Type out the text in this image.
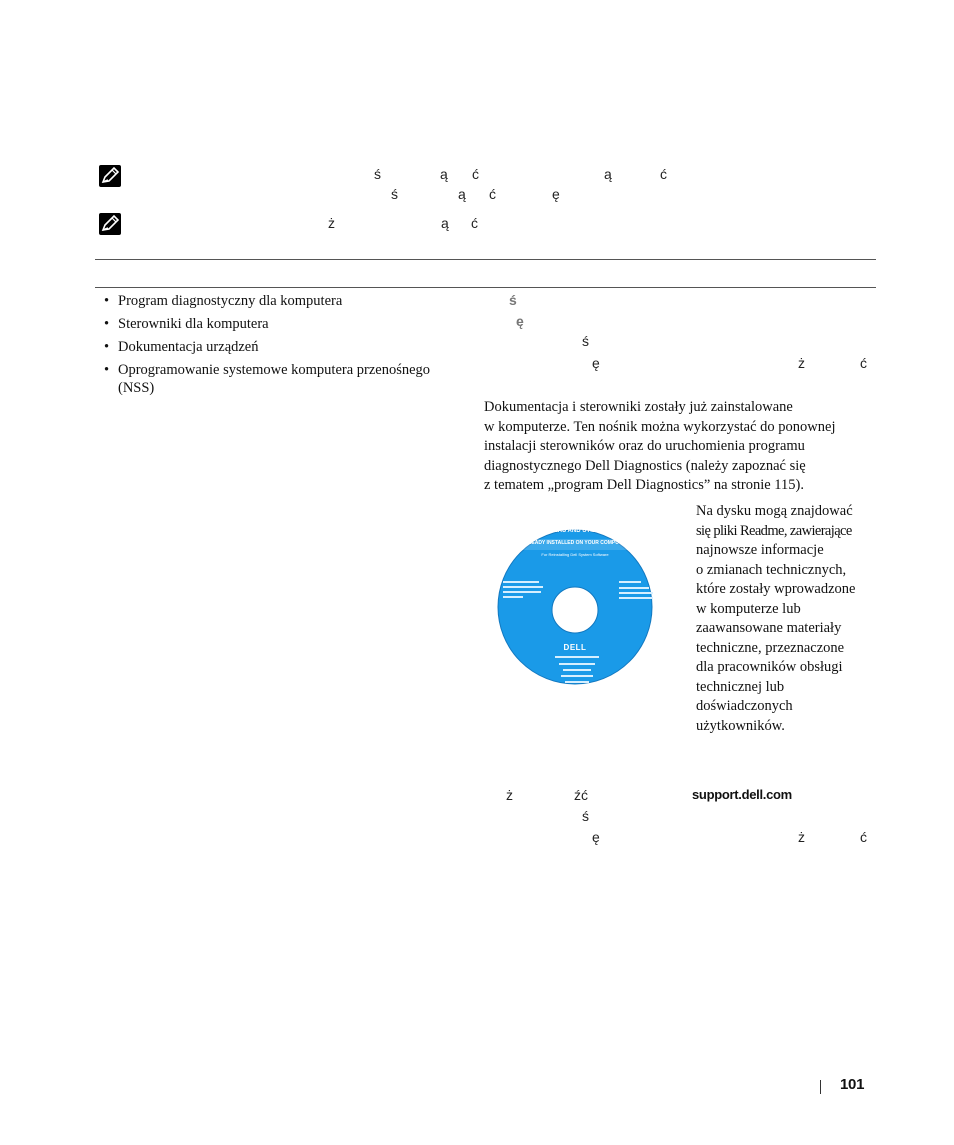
ś	ą ć	ą	ć
ś	ą ć	ę
ż	ą ć
• Program diagnostyczny dla komputera
• Sterowniki dla komputera
• Dokumentacja urządzeń
• Oprogramowanie systemowe komputera przenośnego (NSS)
ś
ę
ś
ę	ż	ć
Dokumentacja i sterowniki zostały już zainstalowane
w komputerze. Ten nośnik można wykorzystać do ponownej
instalacji sterowników oraz do uruchomienia programu
diagnostycznego Dell Diagnostics (należy zapoznać się
z tematem „program Dell Diagnostics” na stronie 115).
DRIVERS AND UTILITIES
ALREADY INSTALLED ON YOUR COMPUTER
For Reinstalling Dell System Software
DELL
Na dysku mogą znajdować
się pliki Readme, zawierające
najnowsze informacje
o zmianach technicznych,
które zostały wprowadzone
w komputerze lub
zaawansowane materiały
techniczne, przeznaczone
dla pracowników obsługi
technicznej lub
doświadczonych
użytkowników.
ż	źć	support.dell.com
ś
ę	ż	ć
101
